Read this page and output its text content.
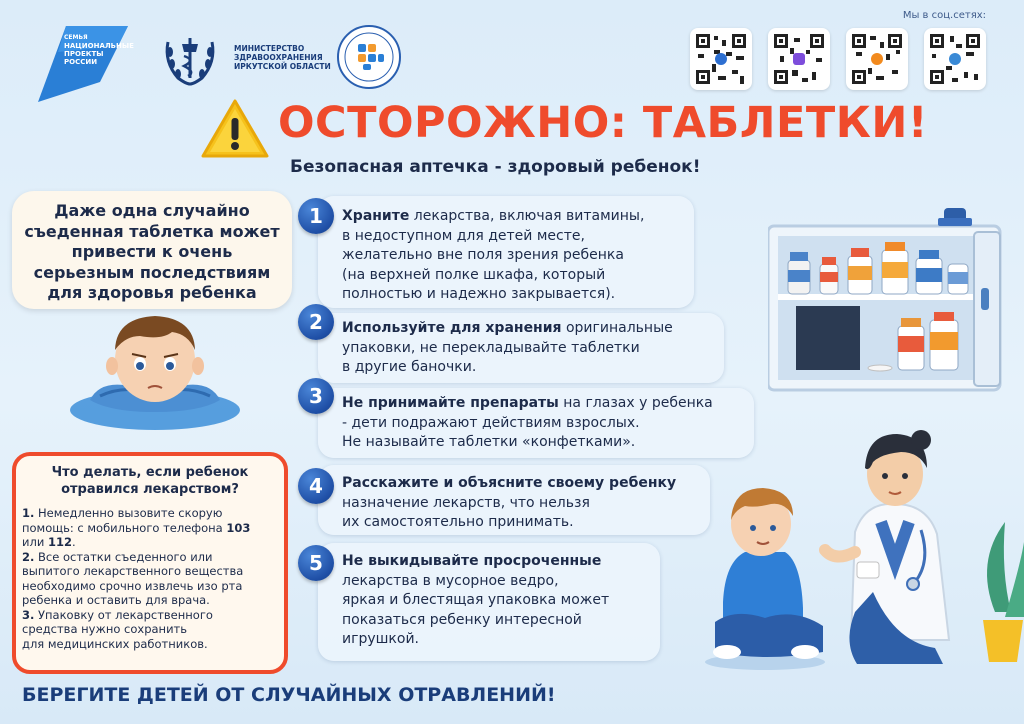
СЕМЬЯ
НАЦИОНАЛЬНЫЕ
ПРОЕКТЫ
РОССИИ
МИНИСТЕРСТВО
ЗДРАВООХРАНЕНИЯ
ИРКУТСКОЙ ОБЛАСТИ
Мы в соц.сетях:
ОСТОРОЖНО: ТАБЛЕТКИ!
Безопасная аптечка - здоровый ребенок!
Даже одна случайно
съеденная таблетка может
привести к очень
серьезным последствиям
для здоровья ребенка
Что делать, если ребенок
отравился лекарством?
1. Немедленно вызовите скорую
помощь: с мобильного телефона 103
или 112.
2. Все остатки съеденного или
выпитого лекарственного вещества
необходимо срочно извлечь изо рта
ребенка и оставить для врача.
3. Упаковку от лекарственного
средства нужно сохранить
для медицинских работников.
1	Храните лекарства, включая витамины,
в недоступном для детей месте,
желательно вне поля зрения ребенка
(на верхней полке шкафа, который
полностью и надежно закрывается).
2	Используйте для хранения оригинальные
упаковки, не перекладывайте таблетки
в другие баночки.
3	Не принимайте препараты на глазах у ребенка
- дети подражают действиям взрослых.
Не называйте таблетки «конфетками».
4	Расскажите и объясните своему ребенку
назначение лекарств, что нельзя
их самостоятельно принимать.
5	Не выкидывайте просроченные
лекарства в мусорное ведро,
яркая и блестящая упаковка может
показаться ребенку интересной
игрушкой.
БЕРЕГИТЕ ДЕТЕЙ ОТ СЛУЧАЙНЫХ ОТРАВЛЕНИЙ!
